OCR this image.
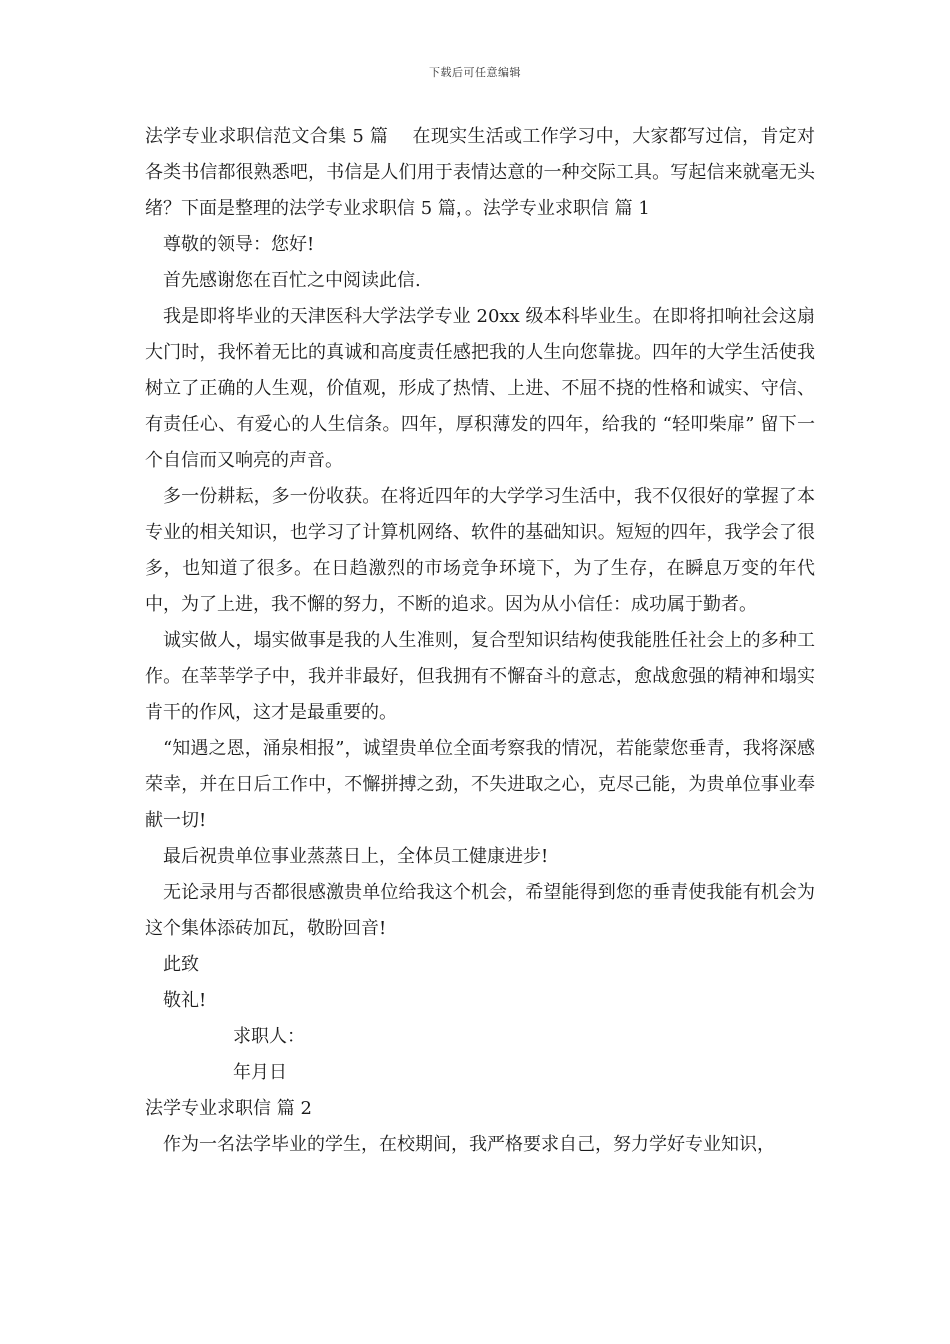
下载后可任意编辑

法学专业求职信范文合集 5 篇　 在现实生活或工作学习中，大家都写过信，肯定对各类书信都很熟悉吧，书信是人们用于表情达意的一种交际工具。写起信来就毫无头绪？下面是整理的法学专业求职信 5 篇，。法学专业求职信 篇 1

尊敬的领导：您好!

首先感谢您在百忙之中阅读此信.

我是即将毕业的天津医科大学法学专业 20xx 级本科毕业生。在即将扣响社会这扇大门时，我怀着无比的真诚和高度责任感把我的人生向您靠拢。四年的大学生活使我树立了正确的人生观，价值观，形成了热情、上进、不屈不挠的性格和诚实、守信、有责任心、有爱心的人生信条。四年，厚积薄发的四年，给我的 “轻叩柴扉” 留下一个自信而又响亮的声音。

多一份耕耘，多一份收获。在将近四年的大学学习生活中，我不仅很好的掌握了本专业的相关知识，也学习了计算机网络、软件的基础知识。短短的四年，我学会了很多，也知道了很多。在日趋激烈的市场竞争环境下，为了生存，在瞬息万变的年代中，为了上进，我不懈的努力，不断的追求。因为从小信任：成功属于勤者。

诚实做人，塌实做事是我的人生准则，复合型知识结构使我能胜任社会上的多种工作。在莘莘学子中，我并非最好，但我拥有不懈奋斗的意志，愈战愈强的精神和塌实肯干的作风，这才是最重要的。

“知遇之恩，涌泉相报”，诚望贵单位全面考察我的情况，若能蒙您垂青，我将深感荣幸，并在日后工作中，不懈拼搏之劲，不失进取之心，克尽己能，为贵单位事业奉献一切!

最后祝贵单位事业蒸蒸日上，全体员工健康进步!

无论录用与否都很感激贵单位给我这个机会，希望能得到您的垂青使我能有机会为这个集体添砖加瓦，敬盼回音!

此致

敬礼!

求职人：

年月日

法学专业求职信 篇 2

作为一名法学毕业的学生，在校期间，我严格要求自己，努力学好专业知识，
